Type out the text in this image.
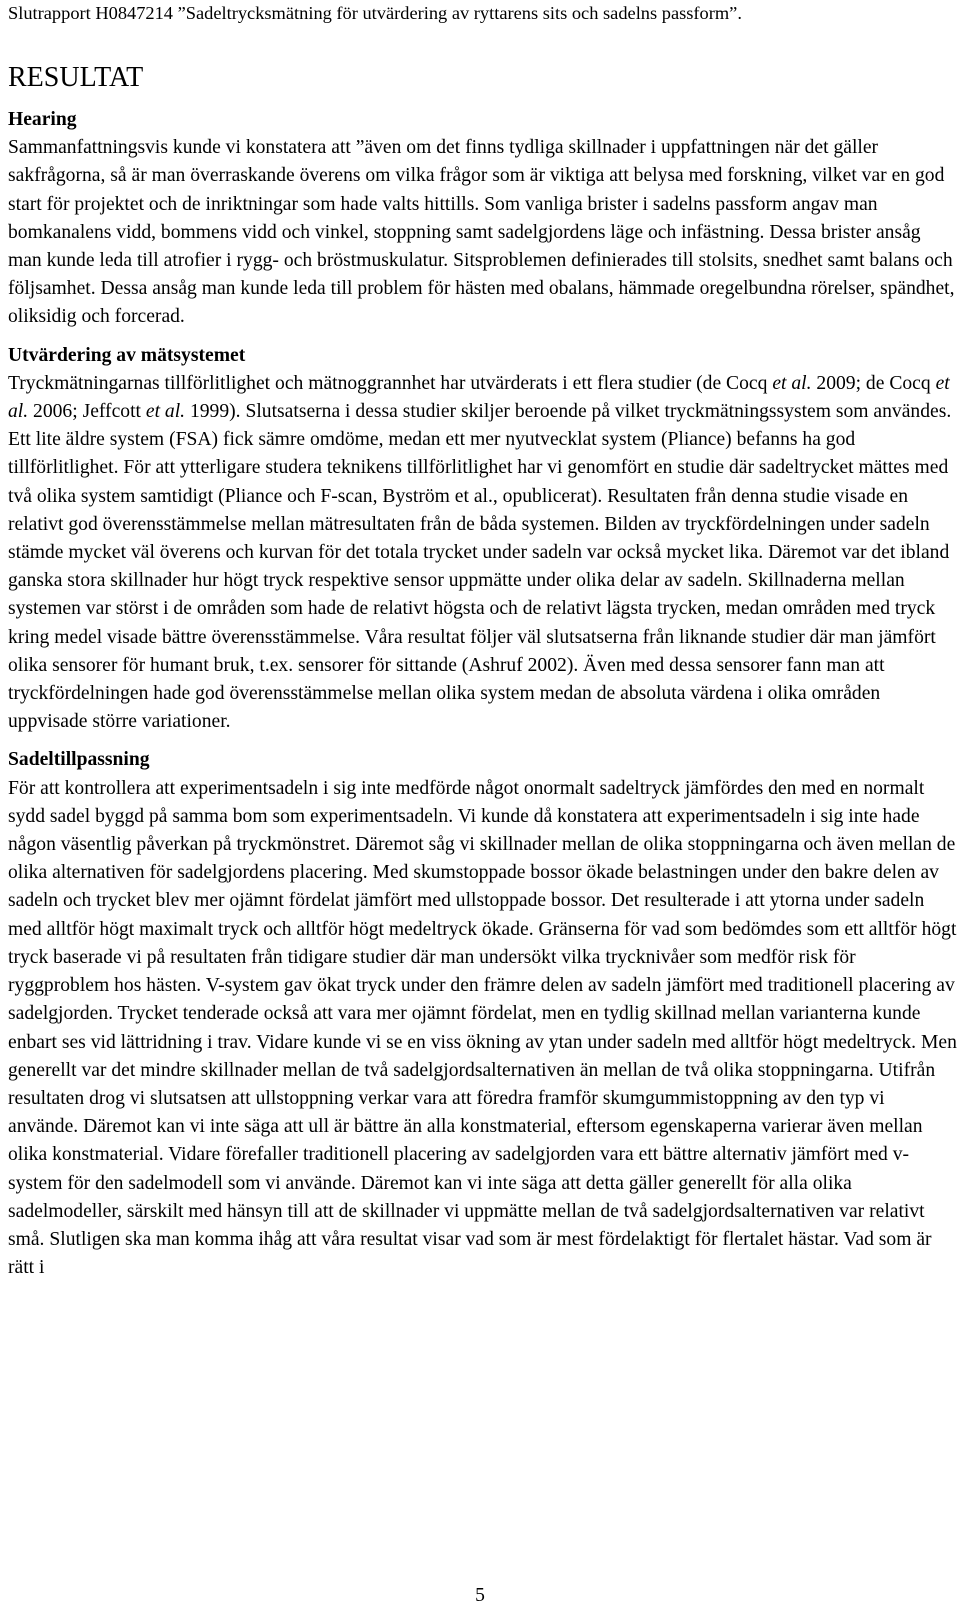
Slutrapport H0847214 ”Sadeltrycksmätning för utvärdering av ryttarens sits och sadelns passform”.
RESULTAT
Hearing
Sammanfattningsvis kunde vi konstatera att ”även om det finns tydliga skillnader i uppfattningen när det gäller sakfrågorna, så är man överraskande överens om vilka frågor som är viktiga att belysa med forskning, vilket var en god start för projektet och de inriktningar som hade valts hittills. Som vanliga brister i sadelns passform angav man bomkanalens vidd, bommens vidd och vinkel, stoppning samt sadelgjordens läge och infästning. Dessa brister ansåg man kunde leda till atrofier i rygg- och bröstmuskulatur. Sitsproblemen definierades till stolsits, snedhet samt balans och följsamhet. Dessa ansåg man kunde leda till problem för hästen med obalans, hämmade oregelbundna rörelser, spändhet, oliksidig och forcerad.
Utvärdering av mätsystemet
Tryckmätningarnas tillförlitlighet och mätnoggrannhet har utvärderats i ett flera studier (de Cocq et al. 2009; de Cocq et al. 2006; Jeffcott et al. 1999). Slutsatserna i dessa studier skiljer beroende på vilket tryckmätningssystem som användes. Ett lite äldre system (FSA) fick sämre omdöme, medan ett mer nyutvecklat system (Pliance) befanns ha god tillförlitlighet. För att ytterligare studera teknikens tillförlitlighet har vi genomfört en studie där sadeltrycket mättes med två olika system samtidigt (Pliance och F-scan, Byström et al., opublicerat). Resultaten från denna studie visade en relativt god överensstämmelse mellan mätresultaten från de båda systemen. Bilden av tryckfördelningen under sadeln stämde mycket väl överens och kurvan för det totala trycket under sadeln var också mycket lika. Däremot var det ibland ganska stora skillnader hur högt tryck respektive sensor uppmätte under olika delar av sadeln. Skillnaderna mellan systemen var störst i de områden som hade de relativt högsta och de relativt lägsta trycken, medan områden med tryck kring medel visade bättre överensstämmelse. Våra resultat följer väl slutsatserna från liknande studier där man jämfört olika sensorer för humant bruk, t.ex. sensorer för sittande (Ashruf 2002). Även med dessa sensorer fann man att tryckfördelningen hade god överensstämmelse mellan olika system medan de absoluta värdena i olika områden uppvisade större variationer.
Sadeltillpassning
För att kontrollera att experimentsadeln i sig inte medförde något onormalt sadeltryck jämfördes den med en normalt sydd sadel byggd på samma bom som experimentsadeln. Vi kunde då konstatera att experimentsadeln i sig inte hade någon väsentlig påverkan på tryckmönstret. Däremot såg vi skillnader mellan de olika stoppningarna och även mellan de olika alternativen för sadelgjordens placering. Med skumstoppade bossor ökade belastningen under den bakre delen av sadeln och trycket blev mer ojämnt fördelat jämfört med ullstoppade bossor. Det resulterade i att ytorna under sadeln med alltför högt maximalt tryck och alltför högt medeltryck ökade. Gränserna för vad som bedömdes som ett alltför högt tryck baserade vi på resultaten från tidigare studier där man undersökt vilka trycknivåer som medför risk för ryggproblem hos hästen. V-system gav ökat tryck under den främre delen av sadeln jämfört med traditionell placering av sadelgjorden. Trycket tenderade också att vara mer ojämnt fördelat, men en tydlig skillnad mellan varianterna kunde enbart ses vid lättridning i trav. Vidare kunde vi se en viss ökning av ytan under sadeln med alltför högt medeltryck. Men generellt var det mindre skillnader mellan de två sadelgjordsalternativen än mellan de två olika stoppningarna. Utifrån resultaten drog vi slutsatsen att ullstoppning verkar vara att föredra framför skumgummistoppning av den typ vi använde. Däremot kan vi inte säga att ull är bättre än alla konstmaterial, eftersom egenskaperna varierar även mellan olika konstmaterial. Vidare förefaller traditionell placering av sadelgjorden vara ett bättre alternativ jämfört med v-system för den sadelmodell som vi använde. Däremot kan vi inte säga att detta gäller generellt för alla olika sadelmodeller, särskilt med hänsyn till att de skillnader vi uppmätte mellan de två sadelgjordsalternativen var relativt små. Slutligen ska man komma ihåg att våra resultat visar vad som är mest fördelaktigt för flertalet hästar. Vad som är rätt i
5
